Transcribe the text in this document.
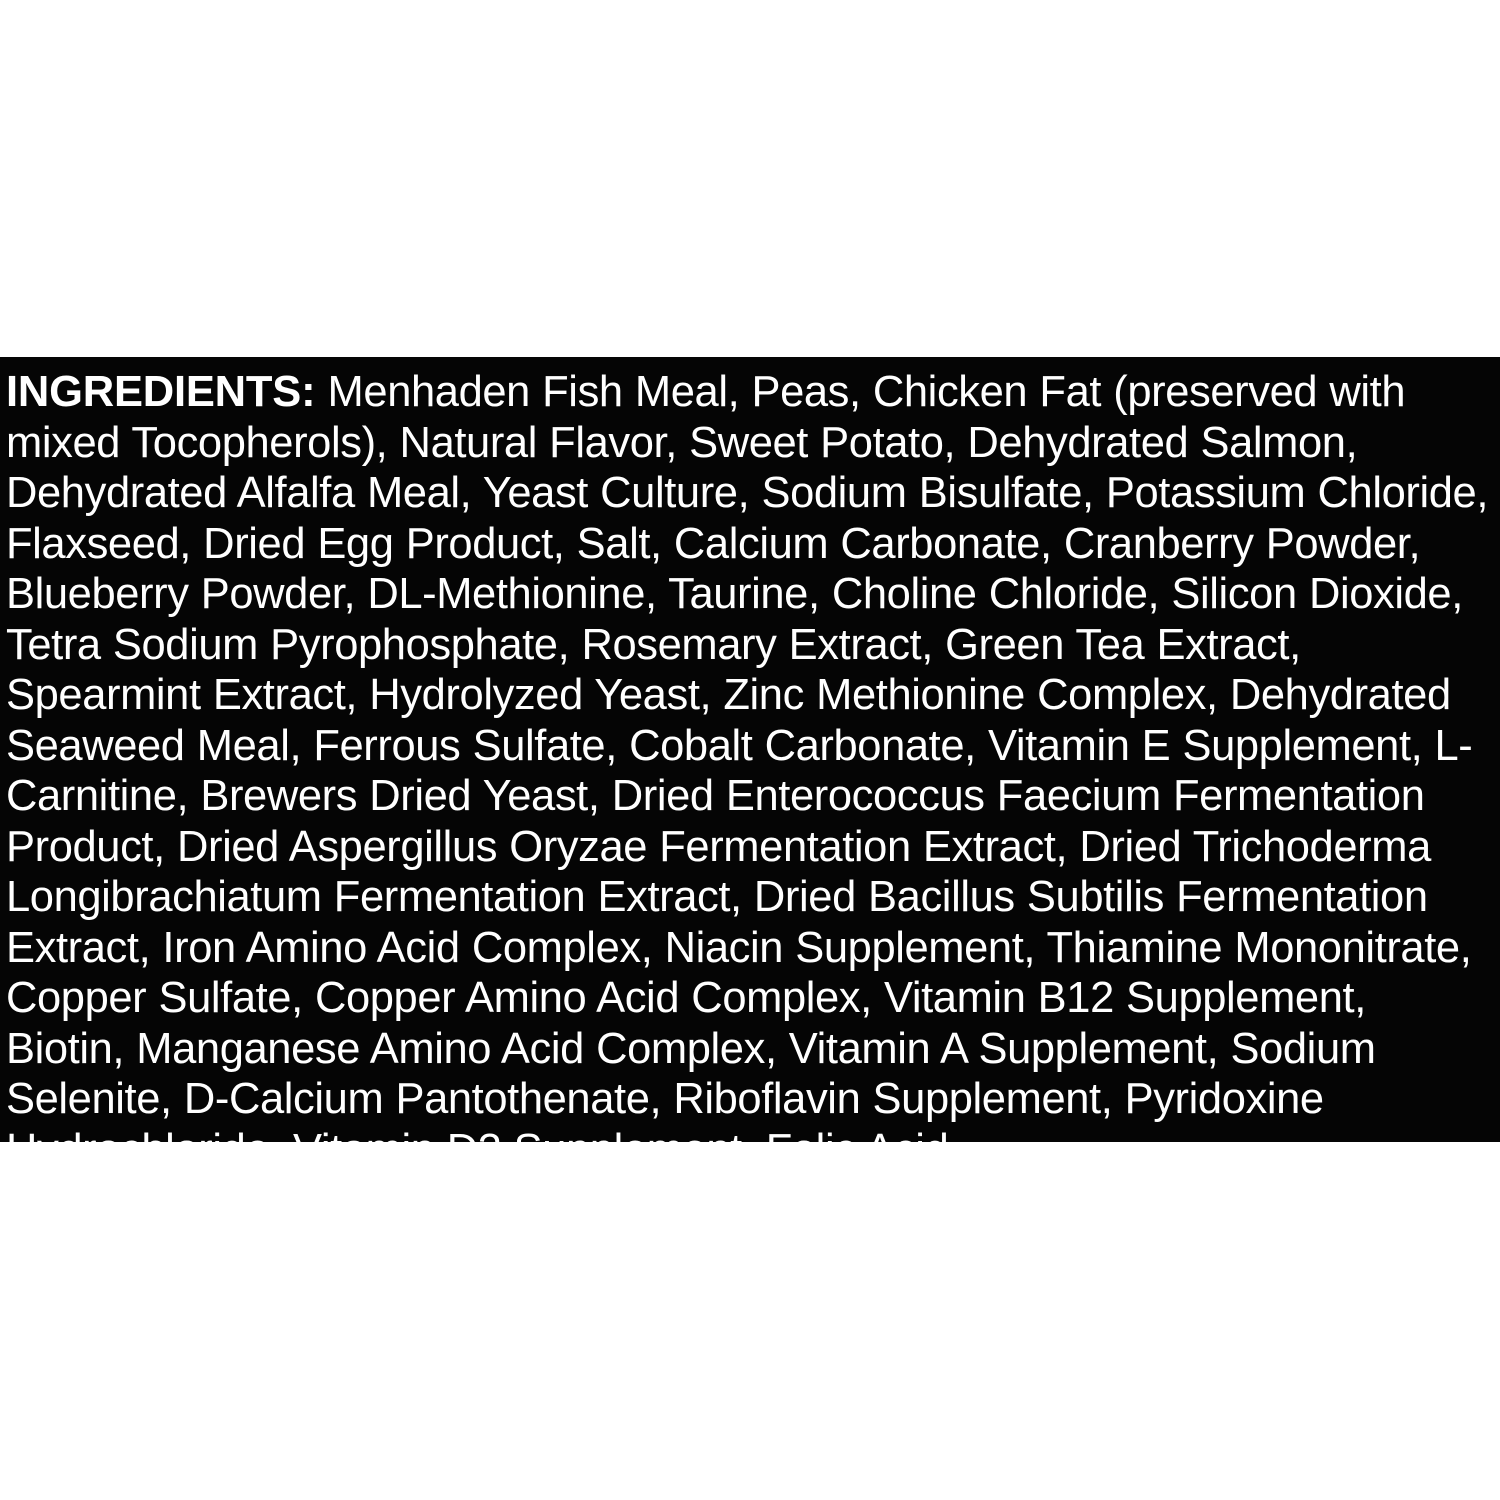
INGREDIENTS: Menhaden Fish Meal, Peas, Chicken Fat (preserved with mixed Tocopherols), Natural Flavor, Sweet Potato, Dehydrated Salmon, Dehydrated Alfalfa Meal, Yeast Culture, Sodium Bisulfate, Potassium Chloride, Flaxseed, Dried Egg Product, Salt, Calcium Carbonate, Cranberry Powder, Blueberry Powder, DL-Methionine, Taurine, Choline Chloride, Silicon Dioxide, Tetra Sodium Pyrophosphate, Rosemary Extract, Green Tea Extract, Spearmint Extract, Hydrolyzed Yeast, Zinc Methionine Complex, Dehydrated Seaweed Meal, Ferrous Sulfate, Cobalt Carbonate, Vitamin E Supplement, L-Carnitine, Brewers Dried Yeast, Dried Enterococcus Faecium Fermentation Product, Dried Aspergillus Oryzae Fermentation Extract, Dried Trichoderma Longibrachiatum Fermentation Extract, Dried Bacillus Subtilis Fermentation Extract, Iron Amino Acid Complex, Niacin Supplement, Thiamine Mononitrate, Copper Sulfate, Copper Amino Acid Complex, Vitamin B12 Supplement, Biotin, Manganese Amino Acid Complex, Vitamin A Supplement, Sodium Selenite, D-Calcium Pantothenate, Riboflavin Supplement, Pyridoxine Hydrochloride, Vitamin D3 Supplement, Folic Acid
